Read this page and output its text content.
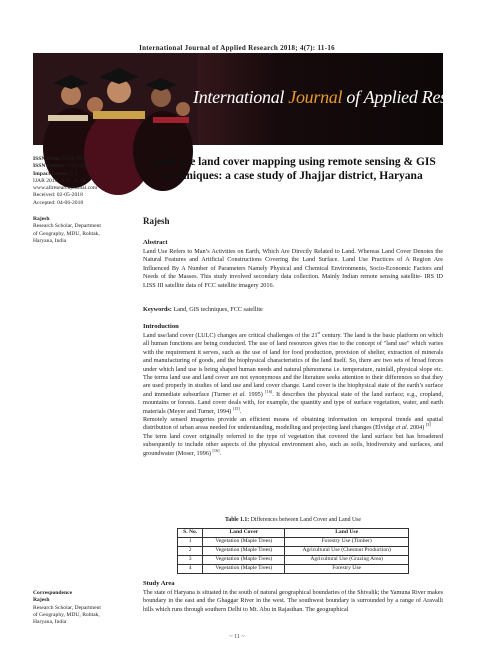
International Journal of Applied Research 2018; 4(7): 11-16
International Journal of Applied Research
ISSN Print: 2394-7500
ISSN Online: 2394-5869
Impact Factor: 5.2
IJAR 2018; 4(7): 11-16
www.allresearchjournal.com
Received: 02-05-2018
Accepted: 04-06-2018
Rajesh
Research Scholar, Department
of Geography, MDU, Rohtak,
Haryana, India
Correspondence
Rajesh
Research Scholar, Department
of Geography, MDU, Rohtak,
Haryana, India
Land use land cover mapping using remote sensing & GIS Techniques: a case study of Jhajjar district, Haryana
Rajesh
Abstract
Land Use Refers to Man’s Activities on Earth, Which Are Directly Related to Land. Whereas Land Cover Denotes the Natural Features and Artificial Constructions Covering the Land Surface. Land Use Practices of A Region Are Influenced By A Number of Parameters Namely Physical and Chemical Environments, Socio-Economic Factors and Needs of the Masses. This study involved secondary data collection. Mainly Indian remote sensing satellite- IRS ID LISS III satellite data of FCC satellite imagery 2016.
Keywords: Land, GIS techniques, FCC satellite
Introduction

Land use/land cover (LULC) changes are critical challenges of the 21st century. The land is the basic platform on which all human functions are being conducted. The use of land resources gives rise to the concept of "land use" which varies with the requirement it serves, such as the use of land for food production, provision of shelter, extraction of minerals and manufacturing of goods, and the biophysical characteristics of the land itself. So, there are two sets of broad forces under which land use is being shaped human needs and natural phenomena i.e. temperature, rainfall, physical slope etc. The terms land use and land cover are not synonymous and the literature seeks attention to their differences so that they are used properly in studies of land use and land cover change. Land cover is the biophysical state of the earth’s surface and immediate subsurface (Turner et al. 1995) [16]. It describes the physical state of the land surface; e.g., cropland, mountains or forests. Land cover deals with, for example, the quantity and type of surface vegetation, water, and earth materials (Meyer and Turner, 1994) [15].

Remotely sensed imageries provide an efficient means of obtaining information on temporal trends and spatial distribution of urban areas needed for understanding, modelling and projecting land changes (Elvidge et al. 2004) [3]

The term land cover originally referred to the type of vegetation that covered the land surface but has broadened subsequently to include other aspects of the physical environment also, such as soils, biodiversity and surfaces, and groundwater (Moser, 1996) [16].

Table 1.1: Differences between Land Cover and Land Use
S. No.	Land Cover	Land Use
1	Vegetation (Maple Trees)	Forestry Use (Timber)
2	Vegetation (Maple Trees)	Agricultural Use (Chestnut Production)
3	Vegetation (Maple Trees)	Agricultural Use (Grazing Area)
4	Vegetation (Maple Trees)	Forestry Use
Study Area
The state of Haryana is situated in the south of natural geographical boundaries of the Shivalik; the Yamuna River makes boundary in the east and the Ghaggar River in the west. The southwest boundary is surrounded by a range of Aravalli hills which runs through southern Delhi to Mt. Abu in Rajasthan. The geographical
~ 11 ~
